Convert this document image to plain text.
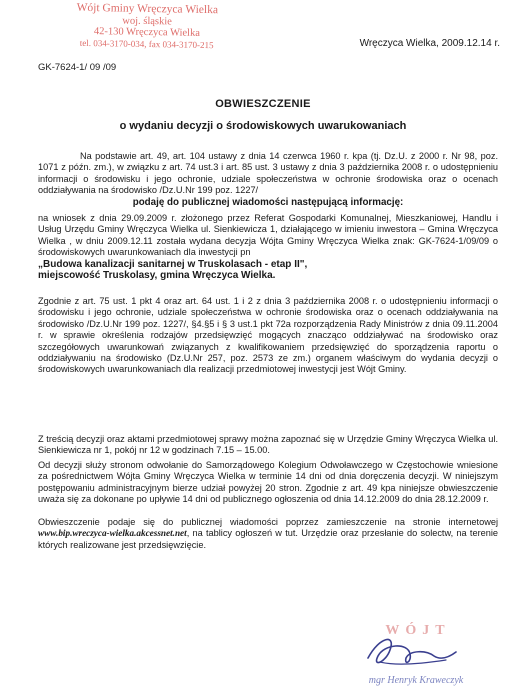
Wójt Gminy Wręczyca Wielka
woj. śląskie
42-130 Wręczyca Wielka
tel. 034-3170-034, fax 034-3170-215	Wręczyca Wielka, 2009.12.14 r.
GK-7624-1/ 09 /09
OBWIESZCZENIE
o wydaniu decyzji o środowiskowych uwarukowaniach

Na podstawie art. 49, art. 104 ustawy z dnia 14 czerwca 1960 r. kpa (tj. Dz.U. z 2000 r. Nr 98, poz. 1071 z późn. zm.), w związku z art. 74 ust.3 i art. 85 ust. 3 ustawy z dnia 3 października 2008 r. o udostępnieniu informacji o środowisku i jego ochronie, udziale społeczeństwa w ochronie środowiska oraz o ocenach oddziaływania na środowisko /Dz.U.Nr 199 poz. 1227/

podaję do publicznej wiadomości następującą informację:

na wniosek z dnia 29.09.2009 r. złożonego przez Referat Gospodarki Komunalnej, Mieszkaniowej, Handlu i Usług Urzędu Gminy Wręczyca Wielka ul. Sienkiewicza 1, działającego w imieniu inwestora – Gmina Wręczyca Wielka , w dniu 2009.12.11 została wydana decyzja Wójta Gminy Wręczyca Wielka znak: GK-7624-1/09/09 o środowiskowych uwarunkowaniach dla inwestycji pn

„Budowa kanalizacji sanitarnej w Truskolasach - etap II",

miejscowość Truskolasy, gmina Wręczyca Wielka.

Zgodnie z art. 75 ust. 1 pkt 4 oraz art. 64 ust. 1 i 2 z dnia 3 października 2008 r. o udostępnieniu informacji o środowisku i jego ochronie, udziale społeczeństwa w ochronie środowiska oraz o ocenach oddziaływania na środowisko /Dz.U.Nr 199 poz. 1227/, §4.§5 i § 3 ust.1 pkt 72a rozporządzenia Rady Ministrów z dnia 09.11.2004 r. w sprawie określenia rodzajów przedsięwzięć mogących znacząco oddziaływać na środowisko oraz szczegółowych uwarunkowań związanych z kwalifikowaniem przedsięwzięć do sporządzenia raportu o oddziaływaniu na środowisko (Dz.U.Nr 257, poz. 2573 ze zm.) organem właściwym do wydania decyzji o środowiskowych uwarunkowaniach dla realizacji przedmiotowej inwestycji jest Wójt Gminy.

Z treścią decyzji oraz aktami przedmiotowej sprawy można zapoznać się w Urzędzie Gminy Wręczyca Wielka ul. Sienkiewicza nr 1, pokój nr 12 w godzinach 7.15 – 15.00.

Od decyzji służy stronom odwołanie do Samorządowego Kolegium Odwoławczego w Częstochowie wniesione za pośrednictwem Wójta Gminy Wręczyca Wielka w terminie 14 dni od dnia doręczenia decyzji. W niniejszym postępowaniu administracyjnym bierze udział powyżej 20 stron. Zgodnie z art. 49 kpa niniejsze obwieszczenie uważa się za dokonane po upływie 14 dni od publicznego ogłoszenia od dnia 14.12.2009 do dnia 28.12.2009 r.

Obwieszczenie podaje się do publicznej wiadomości poprzez zamieszczenie na stronie internetowej www.bip.wreczyca-wielka.akcessnet.net, na tablicy ogłoszeń w tut. Urzędzie oraz przesłanie do solectw, na terenie których realizowane jest przedsięwzięcie.

WÓJT
mgr Henryk Kraweczyk
